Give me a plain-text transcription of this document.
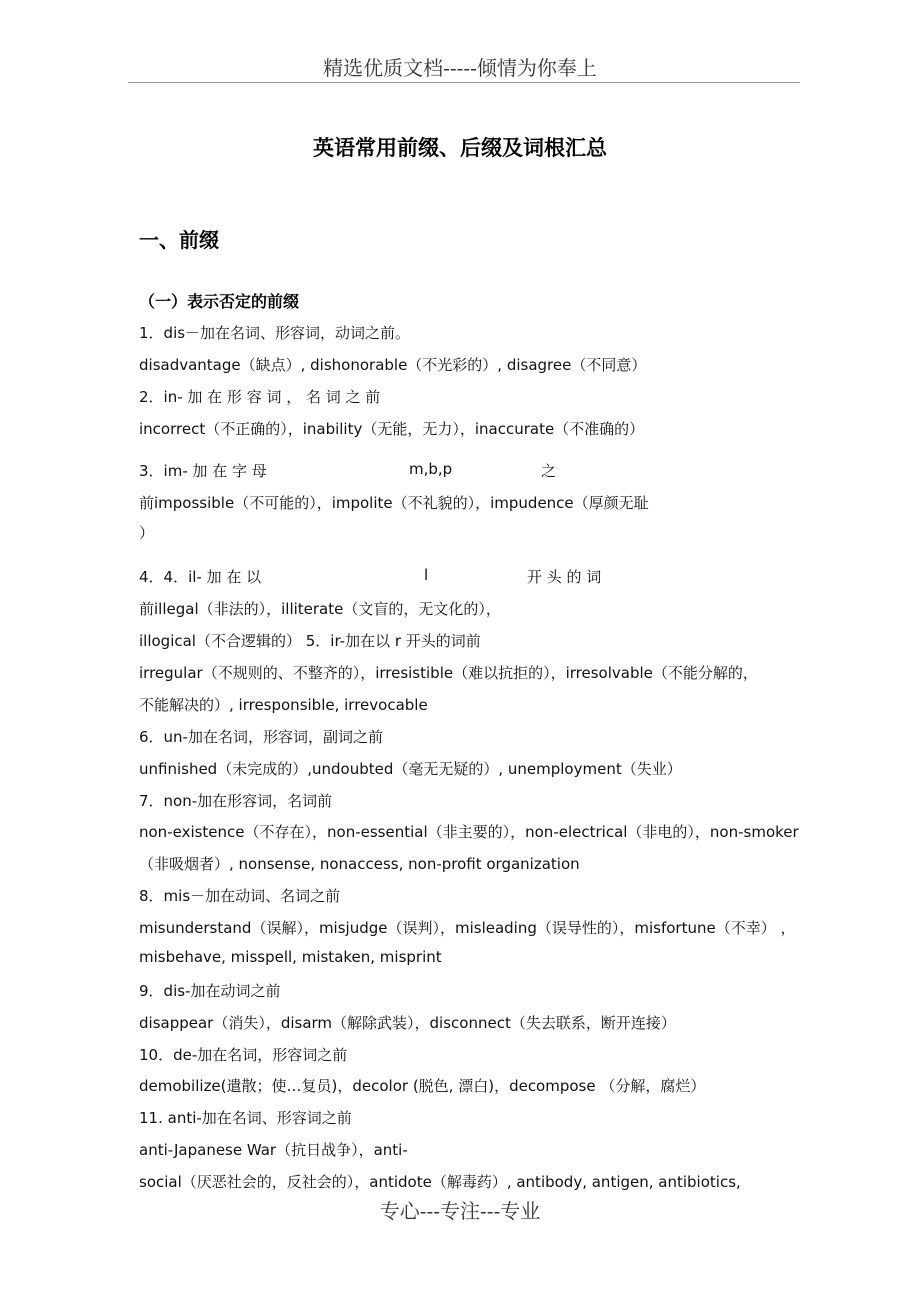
精选优质文档-----倾情为你奉上
英语常用前缀、后缀及词根汇总
一、前缀
（一）表示否定的前缀
1．dis－加在名词、形容词，动词之前。
disadvantage（缺点）, dishonorable（不光彩的）, disagree（不同意）
2．in- 加 在 形 容 词 ， 名 词 之 前
incorrect（不正确的），inability（无能，无力），inaccurate（不准确的）
3．im- 加 在 字 母	m,b,p	之
前impossible（不可能的），impolite（不礼貌的），impudence（厚颜无耻
）
4．4．il- 加 在 以	l	开 头 的 词
前illegal（非法的），illiterate（文盲的，无文化的），
illogical（不合逻辑的） 5．ir-加在以 r 开头的词前
irregular（不规则的、不整齐的），irresistible（难以抗拒的），irresolvable（不能分解的，
不能解决的）, irresponsible, irrevocable
6．un-加在名词，形容词，副词之前
unfinished（未完成的）,undoubted（毫无无疑的）, unemployment（失业）
7．non-加在形容词，名词前
non-existence（不存在），non-essential（非主要的），non-electrical（非电的），non-smoker
（非吸烟者）, nonsense, nonaccess, non-profit organization
8．mis－加在动词、名词之前
misunderstand（误解），misjudge（误判），misleading（误导性的），misfortune（不幸） ，
misbehave, misspell, mistaken, misprint
9．dis-加在动词之前
disappear（消失），disarm（解除武装），disconnect（失去联系，断开连接）
10．de-加在名词，形容词之前
demobilize(遣散；使…复员)，decolor (脱色, 漂白)，decompose （分解，腐烂）
11. anti-加在名词、形容词之前
anti-Japanese War（抗日战争），anti-
social（厌恶社会的，反社会的），antidote（解毒药）, antibody, antigen, antibiotics,
专心---专注---专业
